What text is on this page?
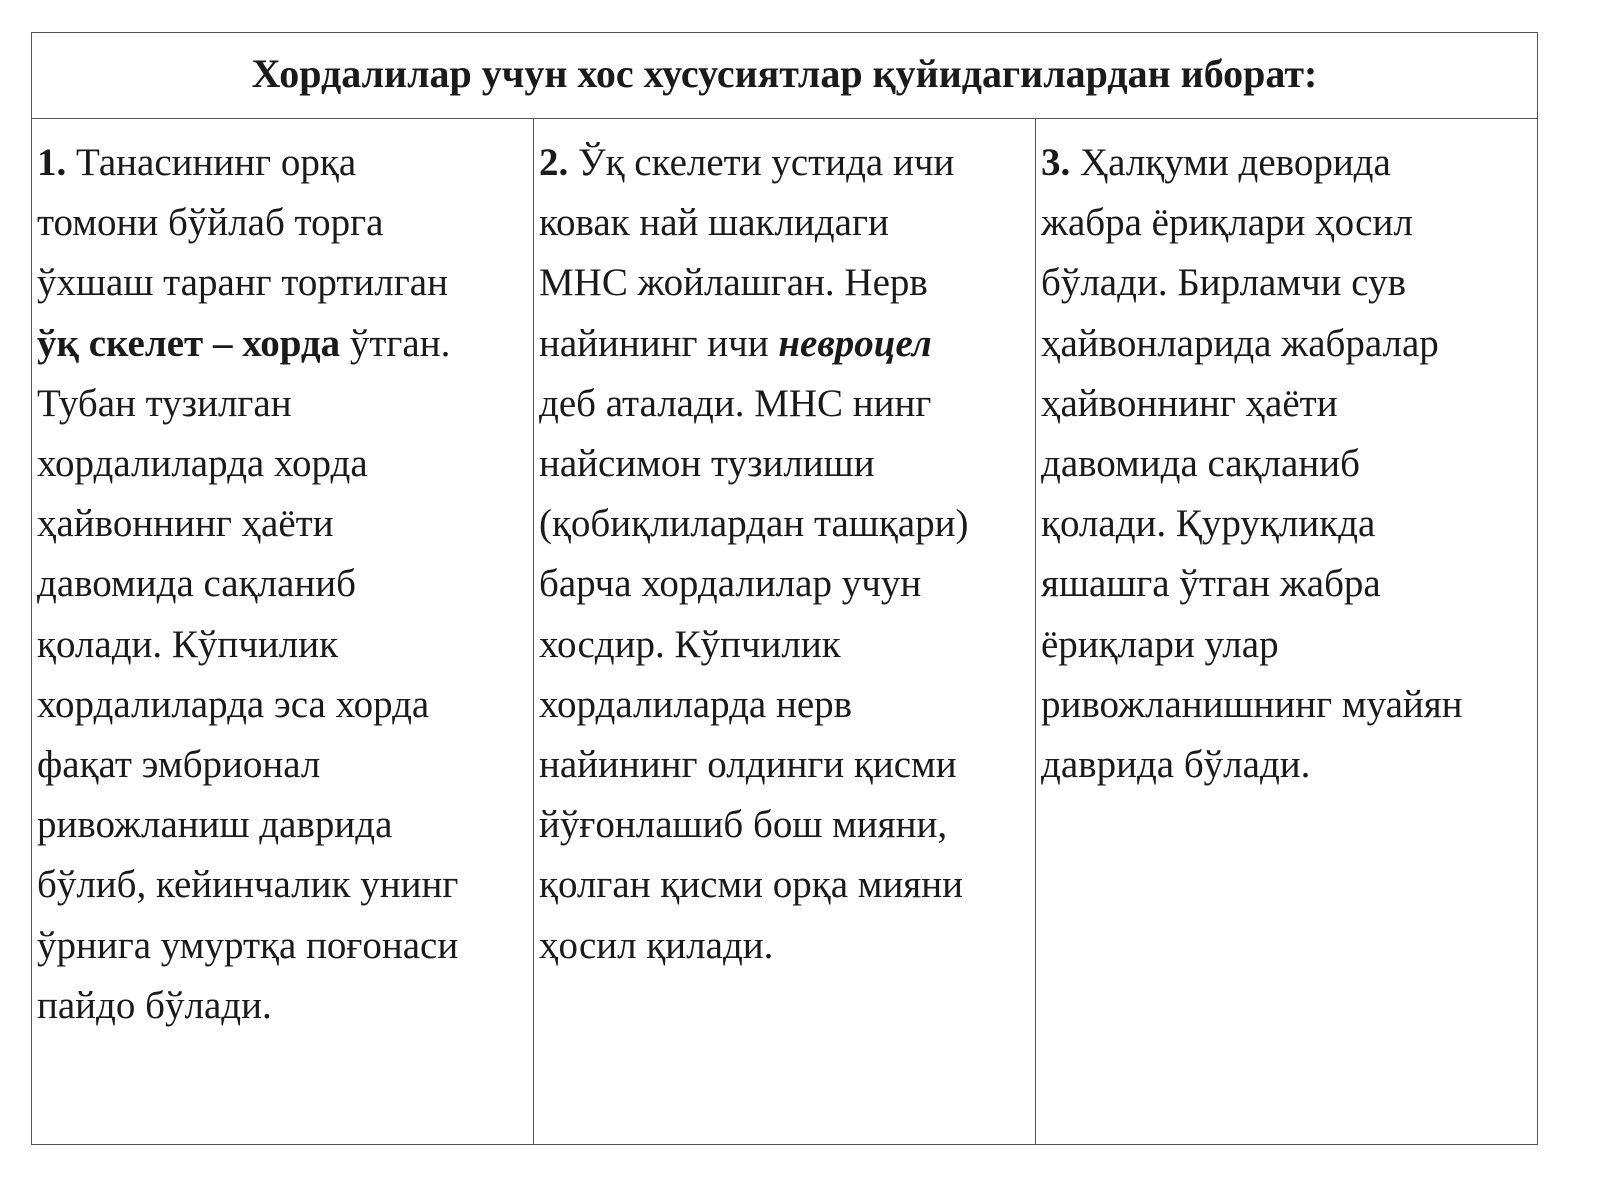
Хордалилар учун хос хусусиятлар қуйидагилардан иборат:
1. Танасининг орқа
томони бўйлаб торга
ўхшаш таранг тортилган
ўқ скелет – хорда ўтган.
Тубан тузилган
хордалиларда хорда
ҳайвоннинг ҳаёти
давомида сақланиб
қолади. Кўпчилик
хордалиларда эса хорда
фақат эмбрионал
ривожланиш даврида
бўлиб, кейинчалик унинг
ўрнига умуртқа поғонаси
пайдо бўлади.
2. Ўқ скелети устида ичи
ковак най шаклидаги
МНС жойлашган. Нерв
найининг ичи невроцел
деб аталади. МНС нинг
найсимон тузилиши
(қобиқлилардан ташқари)
барча хордалилар учун
хосдир. Кўпчилик
хордалиларда нерв
найининг олдинги қисми
йўғонлашиб бош мияни,
қолган қисми орқа мияни
ҳосил қилади.
3. Ҳалқуми деворида
жабра ёриқлари ҳосил
бўлади. Бирламчи сув
ҳайвонларида жабралар
ҳайвоннинг ҳаёти
давомида сақланиб
қолади. Қуруқликда
яшашга ўтган жабра
ёриқлари улар
ривожланишнинг муайян
даврида бўлади.
